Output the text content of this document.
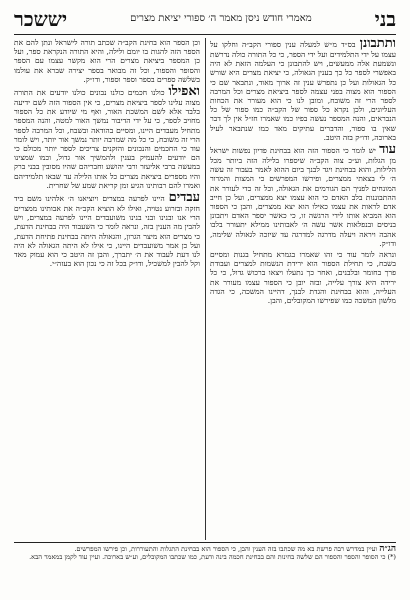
בני
מאמרי חודש ניסן מאמר ה׳ ספורי יציאת מצרים
יששכר

ותתבונן בס״ד מ״ש למעלה ענין ספורי הקב״ה וחלקו על עצמו על ידי התלמידים ועל ידי הספר, כי כל התורה כולה נדרשת ונשמעת אלה ממעשים, ויש להתבונן כי העלמה הזאת לא היה באפשרי לספר כל כך בענין הגאולה, כי יציאת מצרים היא שורש כל הגאולות ועל כן נתפרש ענין זה ארוך מאוד, ונתבאר שם כי הספור הוא מצוה בפני עצמה לספר ביציאת מצרים וכל המרבה לספר הרי זה משובח, ומובן לנו כי הוא מעורר את הכחות העליונים, ולכן נקרא כל ספור של הקב״ה כמו ספור של כל הנבראים, והנה המספר נעשה בפיו כמו שאמרו חז״ל אין לך דבר שאין בו ספור, והדברים עתיקים מאד כמו שנתבאר לעיל בארוכה, ודו״ק בזה היטב.

עוד יש לומר כי הספור הזה הוא בבחינת פדיון נפשות ישראל מן הגלות, וע״כ צוה הקב״ה שיספרו בלילה הזה ביותר מכל הלילות, והוא בבחינת ויגד לבנך ביום ההוא לאמר בעבור זה עשה ה׳ לי בצאתי ממצרים, ופירשו המפרשים כי המצות והמרור המונחים לפניך הם הגורמים את הגאולה, וכל זה כדי לעורר את ההתבוננות בלב האדם כי הוא עצמו יצא ממצרים, ועל כן חייב אדם לראות את עצמו כאילו הוא יצא ממצרים, והבן כי הספור הוא המביא אותו לידי הרגשה זו, כי כאשר יספר האדם ויתבונן בניסים ובנפלאות אשר עשה ה׳ לאבותינו ממילא יתעורר בלבו אהבה ויראה ויעלה מדרגה למדרגה עד שיזכה לגאולה שלימה, ודו״ק.

ונראה לומר עוד כי זהו שאמרו בגמרא מתחיל בגנות ומסיים בשבח, כי תחילת הספור הוא ירידת הנשמות למצרים ועבודת פרך בחומר ובלבנים, ואחר כך נתעלו ויצאו ברכוש גדול, כי כל ירידה היא צורך עלייה, ובזה יובן כי הספור עצמו מעורר את העלייה, והוא בבחינת והגדת לבנך, דהיינו המשכה, כי הגדה מלשון המשכה כמו שפירשו המקובלים, והבן.

וכן הספר הוא בחינת הקב״ה שכתב תורה לישראל ונתן להם את הספר הזה להגות בו יומם ולילה, והיא התורה הנקראת ספר, ועל כן המספר ביציאת מצרים הרי הוא מקשר עצמו עם הספר והסופר והספור, וכל זה מבואר בספר יצירה שברא את עולמו בשלשה ספרים בספר וספר וספור, ודו״ק.

ואפילו כולנו חכמים כולנו נבונים כולנו יודעים את התורה מצוה עלינו לספר ביציאת מצרים, כי אין הספור הזה לשם ידיעה בלבד אלא לשם המשכת האור, ואף מי שיודע את כל הספור מחויב לספר, כי על ידי הדיבור נמשך האור למטה, והנה המספר מתחיל מעבדים היינו, ומסיים בהודאה ובשבח, וכל המרבה לספר הרי זה משובח, כי כל מה שמרבה יותר נמשך אור יותר, ויש לומר עוד כי החכמים והנבונים והזקנים צריכים לספר יותר מכולם כי הם יודעים להעמיק בענין ולהמשיך אור גדול, וכמו שמצינו במעשה ברבי אליעזר ורבי יהושע וחבריהם שהיו מסובין בבני ברק והיו מספרים ביציאת מצרים כל אותו הלילה עד שבאו תלמידיהם ואמרו להם רבותינו הגיע זמן קריאת שמע של שחרית.

עבדים היינו לפרעה במצרים ויוציאנו ה׳ אלהינו משם ביד חזקה ובזרוע נטויה, ואילו לא הוציא הקב״ה את אבותינו ממצרים הרי אנו ובנינו ובני בנינו משועבדים היינו לפרעה במצרים, ויש להבין מה הענין בזה, ונראה לומר כי השעבוד היה בבחינת הדעת, כי מצרים הוא מיצר הגרון, והגאולה היתה בבחינת פתיחת הדעת, ועל כן אמר משועבדים היינו, כי אילו לא היתה הגאולה לא היה לנו דעת לעבוד את ה׳ יתברך, והבן זה היטב כי הוא עמוק מאד וקל להבין למשכיל, ודו״ק בכל זה כי נכון הוא בעזה״י.

הג״ה ועיין במדרש רבה פרשת בא מה שכתבו בזה הענין והבן, כי הספור הוא בבחינת התגלות והתעוררות, וכן פירשו המפרשים.
(*) כי הסופר והספר והספור הם שלשה בחינות והם בבחינת חכמה בינה ודעת, כמו שכתבו המקובלים, וע״ש בארוכה. ועיין עוד לקמן במאמר הבא.
